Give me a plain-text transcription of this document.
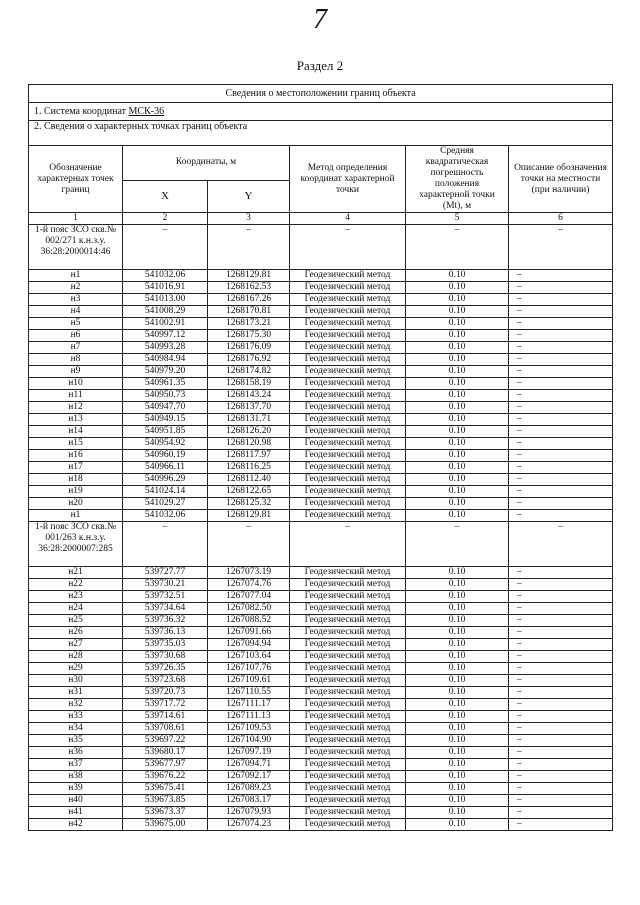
7
Раздел 2
Сведения о местоположении границ объекта					
1. Система координат МСК-36					
2. Сведения о характерных точках границ объекта					
Обозначение характерных точек границ	Координаты, м		Метод определения координат характерной точки	Средняя квадратическая погрешность положения характерной точки (Мt), м	Описание обозначения точки на местности (при наличии)
	X	Y			
1	2	3	4	5	6
1-й пояс ЗСО скв.№ 002/271 к.н.з.у. 36:28:2000014:46	–	–	–	–	–
н1	541032.06	1268129.81	Геодезический метод	0.10	–
н2	541016.91	1268162.53	Геодезический метод	0.10	–
н3	541013.00	1268167.26	Геодезический метод	0.10	–
н4	541008.29	1268170.81	Геодезический метод	0.10	–
н5	541002.91	1268173.21	Геодезический метод	0.10	–
н6	540997.12	1268175.30	Геодезический метод	0.10	–
н7	540993.28	1268176.09	Геодезический метод	0.10	–
н8	540984.94	1268176.92	Геодезический метод	0.10	–
н9	540979.20	1268174.82	Геодезический метод	0.10	–
н10	540961.35	1268158.19	Геодезический метод	0.10	–
н11	540950.73	1268143.24	Геодезический метод	0.10	–
н12	540947.70	1268137.70	Геодезический метод	0.10	–
н13	540949.15	1268131.71	Геодезический метод	0.10	–
н14	540951.85	1268126.20	Геодезический метод	0.10	–
н15	540954.92	1268120.98	Геодезический метод	0.10	–
н16	540960.19	1268117.97	Геодезический метод	0.10	–
н17	540966.11	1268116.25	Геодезический метод	0.10	–
н18	540996.29	1268112.40	Геодезический метод	0.10	–
н19	541024.14	1268122.65	Геодезический метод	0.10	–
н20	541029.27	1268125.32	Геодезический метод	0.10	–
н1	541032.06	1268129.81	Геодезический метод	0.10	–
1-й пояс ЗСО скв.№ 001/263 к.н.з.у. 36:28:2000007:285	–	–	–	–	–
н21	539727.77	1267073.19	Геодезический метод	0.10	–
н22	539730.21	1267074.76	Геодезический метод	0.10	–
н23	539732.51	1267077.04	Геодезический метод	0.10	–
н24	539734.64	1267082.50	Геодезический метод	0.10	–
н25	539736.32	1267088.52	Геодезический метод	0.10	–
н26	539736.13	1267091.66	Геодезический метод	0.10	–
н27	539735.03	1267094.94	Геодезический метод	0.10	–
н28	539730.68	1267103.64	Геодезический метод	0.10	–
н29	539726.35	1267107.76	Геодезический метод	0.10	–
н30	539723.68	1267109.61	Геодезический метод	0.10	–
н31	539720.73	1267110.55	Геодезический метод	0.10	–
н32	539717.72	1267111.17	Геодезический метод	0.10	–
н33	539714.61	1267111.13	Геодезический метод	0.10	–
н34	539708.61	1267109.53	Геодезический метод	0.10	–
н35	539697.22	1267104.90	Геодезический метод	0.10	–
н36	539680.17	1267097.19	Геодезический метод	0.10	–
н37	539677.97	1267094.71	Геодезический метод	0.10	–
н38	539676.22	1267092.17	Геодезический метод	0.10	–
н39	539675.41	1267089.23	Геодезический метод	0.10	–
н40	539673.85	1267083.17	Геодезический метод	0.10	–
н41	539673.37	1267079.93	Геодезический метод	0.10	–
н42	539675.00	1267074.23	Геодезический метод	0.10	–
